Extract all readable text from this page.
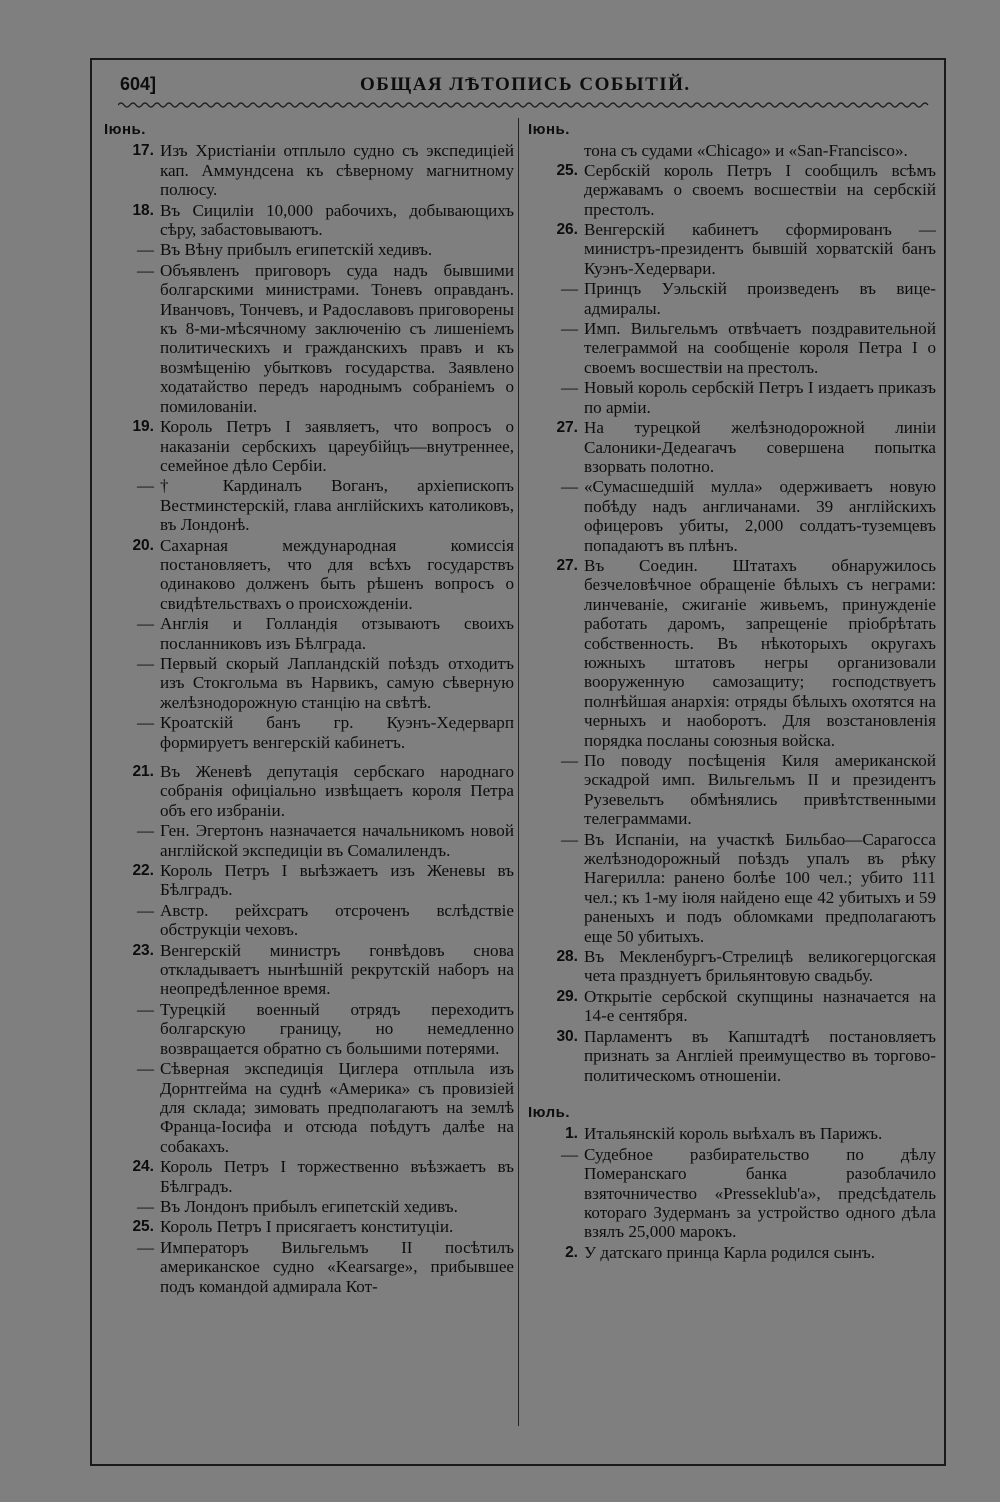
604]	ОБЩАЯ ЛѢТОПИСЬ СОБЫТІЙ.
Іюнь.
17. Изъ Христіаніи отплыло судно съ экспедиціей кап. Аммундсена къ сѣверному магнитному полюсу.
18. Въ Сициліи 10,000 рабочихъ, добывающихъ сѣру, забастовываютъ.
— Въ Вѣну прибылъ египетскій хедивъ.
— Объявленъ приговоръ суда надъ бывшими болгарскими министрами. Тоневъ оправданъ. Иванчовъ, Тончевъ, и Радославовъ приговорены къ 8-ми-мѣсячному заключенію съ лишеніемъ политическихъ и гражданскихъ правъ и къ возмѣщенію убытковъ государства. Заявлено ходатайство передъ народнымъ собраніемъ о помилованіи.
19. Король Петръ I заявляетъ, что вопросъ о наказаніи сербскихъ цареубійцъ—внутреннее, семейное дѣло Сербіи.
— † Кардиналъ Воганъ, архіепископъ Вестминстерскій, глава англійскихъ католиковъ, въ Лондонѣ.
20. Сахарная международная комиссія постановляетъ, что для всѣхъ государствъ одинаково долженъ быть рѣшенъ вопросъ о свидѣтельствахъ о происхожденіи.
— Англія и Голландія отзываютъ своихъ посланниковъ изъ Бѣлграда.
— Первый скорый Лапландскій поѣздъ отходитъ изъ Стокгольма въ Нарвикъ, самую сѣверную желѣзнодорожную станцію на свѣтѣ.
— Кроатскій банъ гр. Куэнъ-Хедерварп формируетъ венгерскій кабинетъ.
21. Въ Женевѣ депутація сербскаго народнаго собранія офиціально извѣщаетъ короля Петра объ его избраніи.
— Ген. Эгертонъ назначается начальникомъ новой англійской экспедиціи въ Сомалилендъ.
22. Король Петръ I выѣзжаетъ изъ Женевы въ Бѣлградъ.
— Австр. рейхсратъ отсроченъ вслѣдствіе обструкціи чеховъ.
23. Венгерскій министръ гонвѣдовъ снова откладываетъ нынѣшній рекрутскій наборъ на неопредѣленное время.
— Турецкій военный отрядъ переходитъ болгарскую границу, но немедленно возвращается обратно съ большими потерями.
— Сѣверная экспедиція Циглера отплыла изъ Дорнтгейма на суднѣ «Америка» съ провизіей для склада; зимовать предполагаютъ на землѣ Франца-Іосифа и отсюда поѣдутъ далѣе на собакахъ.
24. Король Петръ I торжественно въѣзжаетъ въ Бѣлградъ.
— Въ Лондонъ прибылъ египетскій хедивъ.
25. Король Петръ I присягаетъ конституціи.
— Императоръ Вильгельмъ II посѣтилъ американское судно «Kearsarge», прибывшее подъ командой адмирала Кот-
Іюнь.
тона съ судами «Chicago» и «San-Francisco».
25. Сербскій король Петръ I сообщилъ всѣмъ державамъ о своемъ восшествіи на сербскій престолъ.
26. Венгерскій кабинетъ сформированъ — министръ-президентъ бывшій хорватскій банъ Куэнъ-Хедервари.
— Принцъ Уэльскій произведенъ въ вице-адмиралы.
— Имп. Вильгельмъ отвѣчаетъ поздравительной телеграммой на сообщеніе короля Петра I о своемъ восшествіи на престолъ.
— Новый король сербскій Петръ I издаетъ приказъ по арміи.
27. На турецкой желѣзнодорожной линіи Салоники-Дедеагачъ совершена попытка взорвать полотно.
— «Сумасшедшій мулла» одерживаетъ новую побѣду надъ англичанами. 39 англійскихъ офицеровъ убиты, 2,000 солдатъ-туземцевъ попадаютъ въ плѣнъ.
27. Въ Соедин. Штатахъ обнаружилось безчеловѣчное обращеніе бѣлыхъ съ неграми: линчеваніе, сжиганіе живьемъ, принужденіе работать даромъ, запрещеніе пріобрѣтать собственность. Въ нѣкоторыхъ округахъ южныхъ штатовъ негры организовали вооруженную самозащиту; господствуетъ полнѣйшая анархія: отряды бѣлыхъ охотятся на черныхъ и наоборотъ. Для возстановленія порядка посланы союзныя войска.
— По поводу посѣщенія Киля американской эскадрой имп. Вильгельмъ II и президентъ Рузевельтъ обмѣнялись привѣтственными телеграммами.
— Въ Испаніи, на участкѣ Бильбао—Сарагосса желѣзнодорожный поѣздъ упалъ въ рѣку Нагерилла: ранено болѣе 100 чел.; убито 111 чел.; къ 1-му іюля найдено еще 42 убитыхъ и 59 раненыхъ и подъ обломками предполагаютъ еще 50 убитыхъ.
28. Въ Мекленбургъ-Стрелицѣ великогерцогская чета празднуетъ брильянтовую свадьбу.
29. Открытіе сербской скупщины назначается на 14-е сентября.
30. Парламентъ въ Капштадтѣ постановляетъ признать за Англіей преимущество въ торгово-политическомъ отношеніи.
Іюль.
1. Итальянскій король выѣхалъ въ Парижъ.
— Судебное разбирательство по дѣлу Померанскаго банка разоблачило взяточничество «Presseklub'а», предсѣдатель котораго Зудерманъ за устройство одного дѣла взялъ 25,000 марокъ.
2. У датскаго принца Карла родился сынъ.
